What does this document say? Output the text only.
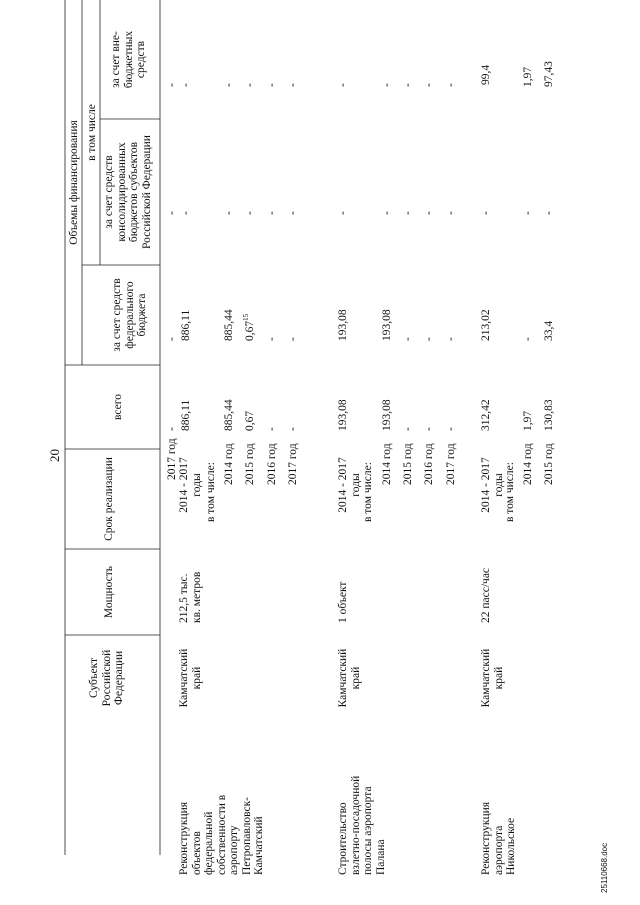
20
Субъект
Российской
Федерации
Мощность
Срок реализации
Объемы финансирования
всего
в том числе
за счет средств
федерального
бюджета
за счет средств
консолидированных
бюджетов субъектов
Российской Федерации
за счет вне-
бюджетных
средств
2017 год
-
-
-
-
Реконструкция
объектов
федеральной
собственности в
аэропорту
Петропавловск-
Камчатский
Камчатский
край
212,5 тыс.
кв. метров
2014 - 2017
годы
886,11
886,11
-
-
в том числе: 2014 год
885,44
885,44
-
-
2015 год
0,67
0,67$^{15}$
-
-
2016 год
-
-
-
-
2017 год
-
-
-
-
Строительство
взлетно-посадочной
полосы аэропорта
Палана
Камчатский
край
1 объект
2014 - 2017
годы
193,08
193,08
-
-
в том числе: 2014 год
193,08
193,08
-
-
2015 год
-
-
-
-
2016 год
-
-
-
-
2017 год
-
-
-
-
Реконструкция
аэропорта
Никольское
Камчатский
край
22 пасс/час
2014 - 2017
годы
312,42
213,02
-
99,4
в том числе: 2014 год
1,97
-
-
1,97
2015 год
130,83
33,4
-
97,43
25110668.doc
